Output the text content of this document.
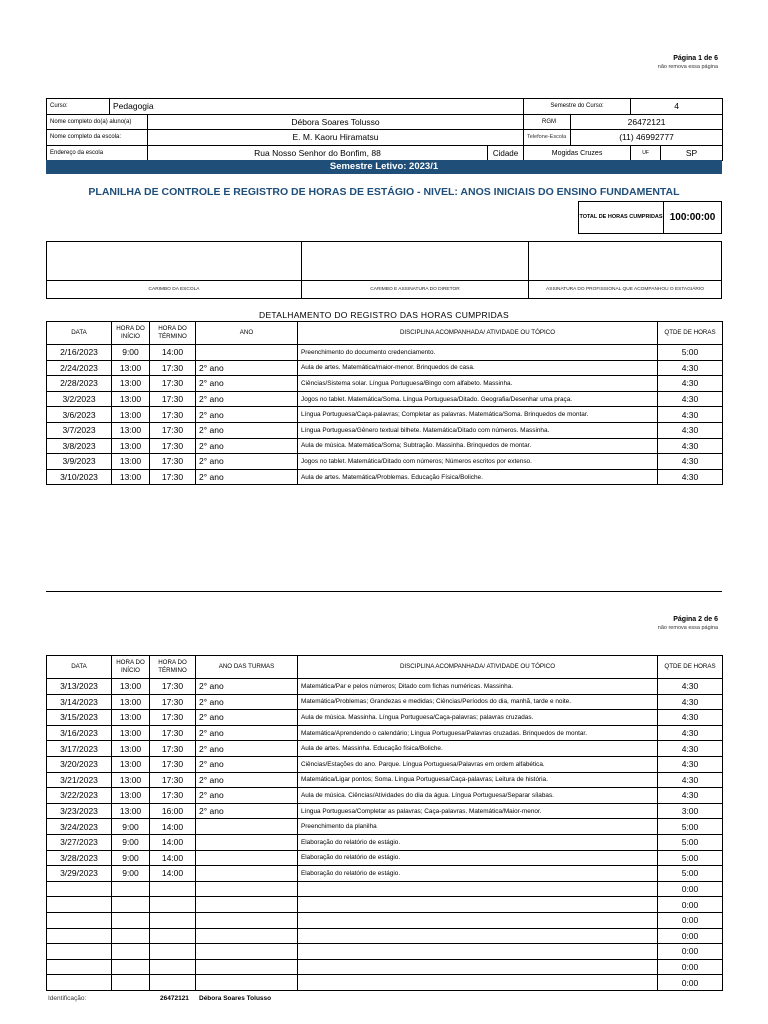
Página 1 de 6
não remova essa página
Curso:	Pedagogia			Semestre do Curso:		4	
Nome completo do(a) aluno(a)		Débora Soares Tolusso		RGM	26472121		
Nome completo da escola:		E. M. Kaoru Hiramatsu		Telefone-Escola	(11) 46992777		
Endereço da escola		Rua Nosso Senhor do Bonfim, 88	Cidade	Mogidas Cruzes		UF	SP
Semestre Letivo: 2023/1
PLANILHA DE CONTROLE E REGISTRO DE HORAS DE ESTÁGIO - NIVEL: ANOS INICIAIS DO ENSINO FUNDAMENTAL
TOTAL DE HORAS CUMPRIDAS 100:00:00
CARIMBO DA ESCOLA	CARIMBO E ASSINATURA DO DIRETOR	ASSINATURA DO PROFISSIONAL QUE ACOMPANHOU O ESTAGIÁRIO
DETALHAMENTO DO REGISTRO DAS HORAS CUMPRIDAS
DATA	HORA DO INÍCIO	HORA DO TÉRMINO	ANO	DISCIPLINA ACOMPANHADA/ ATIVIDADE OU TÓPICO	QTDE DE HORAS
2/16/2023	9:00	14:00		Preenchimento do documento credenciamento.	5:00
2/24/2023	13:00	17:30	2° ano	Aula de artes. Matemática/maior-menor. Brinquedos de casa.	4:30
2/28/2023	13:00	17:30	2° ano	Ciências/Sistema solar. Língua Portuguesa/Bingo com alfabeto. Massinha.	4:30
3/2/2023	13:00	17:30	2° ano	Jogos no tablet. Matemática/Soma. Língua Portuguesa/Ditado. Geografia/Desenhar uma praça.	4:30
3/6/2023	13:00	17:30	2° ano	Língua Portuguesa/Caça-palavras; Completar as palavras. Matemática/Soma. Brinquedos de montar.	4:30
3/7/2023	13:00	17:30	2° ano	Língua Portuguesa/Gênero textual bilhete. Matemática/Ditado com números. Massinha.	4:30
3/8/2023	13:00	17:30	2° ano	Aula de música. Matemática/Soma; Subtração. Massinha. Brinquedos de montar.	4:30
3/9/2023	13:00	17:30	2° ano	Jogos no tablet. Matemática/Ditado com números; Números escritos por extenso.	4:30
3/10/2023	13:00	17:30	2° ano	Aula de artes. Matemática/Problemas. Educação Física/Boliche.	4:30
Página 2 de 6
não remova essa página
DATA	HORA DO INÍCIO	HORA DO TÉRMINO	ANO DAS TURMAS	DISCIPLINA ACOMPANHADA/ ATIVIDADE OU TÓPICO	QTDE DE HORAS
3/13/2023	13:00	17:30	2° ano	Matemática/Par e pelos números; Ditado com fichas numéricas. Massinha.	4:30
3/14/2023	13:00	17:30	2° ano	Matemática/Problemas; Grandezas e medidas; Ciências/Períodos do dia, manhã, tarde e noite.	4:30
3/15/2023	13:00	17:30	2° ano	Aula de música. Massinha. Língua Portuguesa/Caça-palavras; palavras cruzadas.	4:30
3/16/2023	13:00	17:30	2° ano	Matemática/Aprendendo o calendário; Língua Portuguesa/Palavras cruzadas. Brinquedos de montar.	4:30
3/17/2023	13:00	17:30	2° ano	Aula de artes. Massinha. Educação física/Boliche.	4:30
3/20/2023	13:00	17:30	2° ano	Ciências/Estações do ano. Parque. Língua Portuguesa/Palavras em ordem alfabética.	4:30
3/21/2023	13:00	17:30	2° ano	Matemática/Ligar pontos; Soma. Língua Portuguesa/Caça-palavras; Leitura de história.	4:30
3/22/2023	13:00	17:30	2° ano	Aula de música. Ciências/Atividades do dia da água. Língua Portuguesa/Separar sílabas.	4:30
3/23/2023	13:00	16:00	2° ano	Língua Portuguesa/Completar as palavras; Caça-palavras. Matemática/Maior-menor.	3:00
3/24/2023	9:00	14:00		Preenchimento da planilha	5:00
3/27/2023	9:00	14:00		Elaboração do relatório de estágio.	5:00
3/28/2023	9:00	14:00		Elaboração do relatório de estágio.	5:00
3/29/2023	9:00	14:00		Elaboração do relatório de estágio.	5:00
					0:00
					0:00
					0:00
					0:00
					0:00
					0:00
					0:00
Identificação:	26472121 Débora Soares Tolusso
